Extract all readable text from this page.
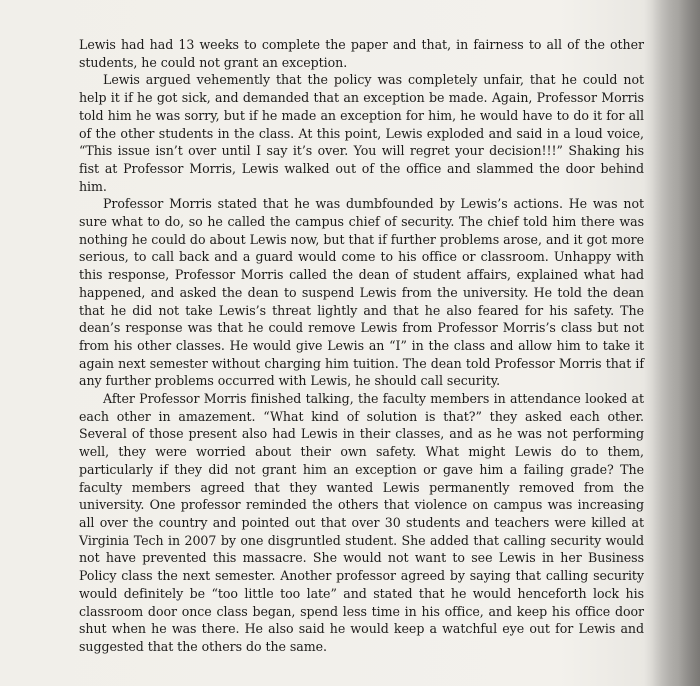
Lewis had had 13 weeks to complete the paper and that, in fairness to all of the other students, he could not grant an exception.

Lewis argued vehemently that the policy was completely unfair, that he could not help it if he got sick, and demanded that an exception be made. Again, Professor Morris told him he was sorry, but if he made an exception for him, he would have to do it for all of the other students in the class. At this point, Lewis exploded and said in a loud voice, “This issue isn’t over until I say it’s over. You will regret your decision!!!” Shaking his fist at Professor Morris, Lewis walked out of the office and slammed the door behind him.

Professor Morris stated that he was dumbfounded by Lewis’s actions. He was not sure what to do, so he called the campus chief of security. The chief told him there was nothing he could do about Lewis now, but that if further problems arose, and it got more serious, to call back and a guard would come to his office or classroom. Unhappy with this response, Professor Morris called the dean of student affairs, explained what had happened, and asked the dean to suspend Lewis from the university. He told the dean that he did not take Lewis’s threat lightly and that he also feared for his safety. The dean’s response was that he could remove Lewis from Professor Morris’s class but not from his other classes. He would give Lewis an “I” in the class and allow him to take it again next semester without charging him tuition. The dean told Professor Morris that if any further problems occurred with Lewis, he should call security.

After Professor Morris finished talking, the faculty members in attendance looked at each other in amazement. “What kind of solution is that?” they asked each other. Several of those present also had Lewis in their classes, and as he was not performing well, they were worried about their own safety. What might Lewis do to them, particularly if they did not grant him an exception or gave him a failing grade? The faculty members agreed that they wanted Lewis permanently removed from the university. One professor reminded the others that violence on campus was increasing all over the country and pointed out that over 30 students and teachers were killed at Virginia Tech in 2007 by one disgruntled student. She added that calling security would not have prevented this massacre. She would not want to see Lewis in her Business Policy class the next semester. Another professor agreed by saying that calling security would definitely be “too little too late” and stated that he would henceforth lock his classroom door once class began, spend less time in his office, and keep his office door shut when he was there. He also said he would keep a watchful eye out for Lewis and suggested that the others do the same.
